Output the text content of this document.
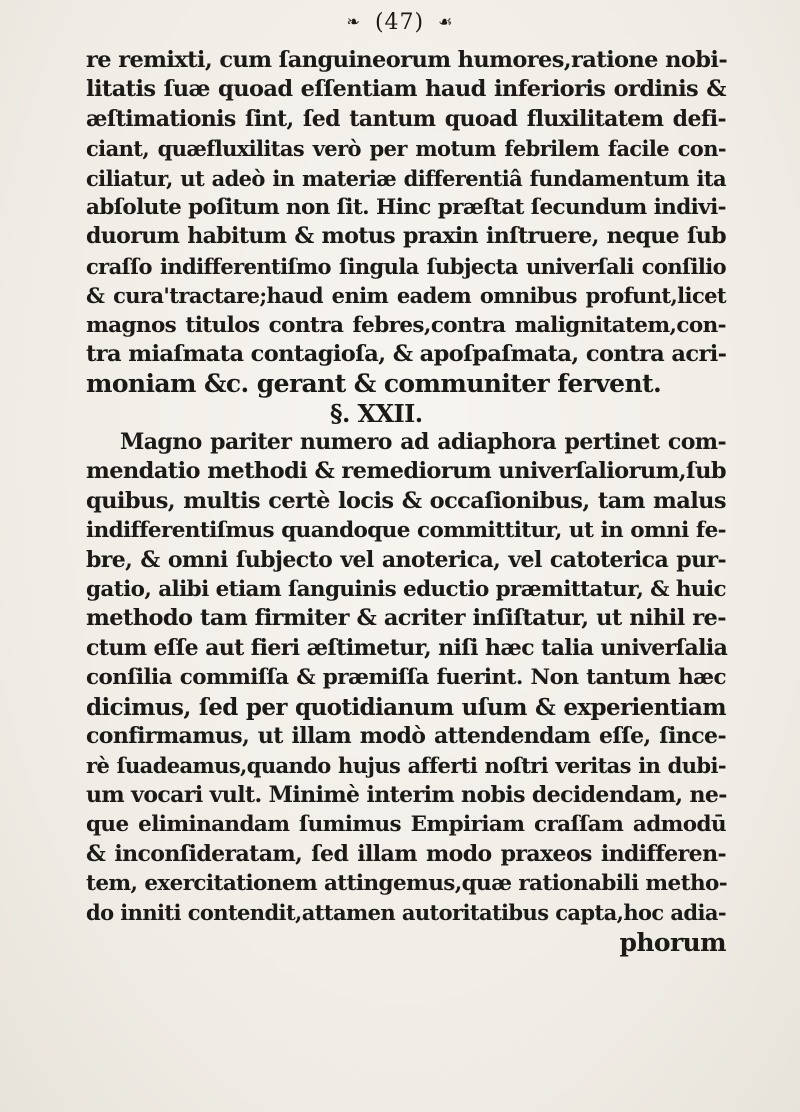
❧ (47) ☙
re remixti, cum ſanguineorum humores,ratione nobi-
litatis ſuæ quoad eſſentiam haud inferioris ordinis &
æſtimationis ſint, ſed tantum quoad fluxilitatem defi-
ciant, quæfluxilitas verò per motum febrilem facile con-
ciliatur, ut adeò in materiæ differentiâ fundamentum ita
abſolute poſitum non ſit. Hinc præſtat ſecundum indivi-
duorum habitum & motus praxin inſtruere, neque ſub
craſſo indifferentiſmo ſingula ſubjecta univerſali conſilio
& cura'tractare;haud enim eadem omnibus profunt,licet
magnos titulos contra febres,contra malignitatem,con-
tra miaſmata contagioſa, & apoſpaſmata, contra acri-
moniam &c. gerant & communiter fervent.
§. XXII.
Magno pariter numero ad adiaphora pertinet com-
mendatio methodi & remediorum univerſaliorum,ſub
quibus, multis certè locis & occaſionibus, tam malus
indifferentiſmus quandoque committitur, ut in omni fe-
bre, & omni ſubjecto vel anoterica, vel catoterica pur-
gatio, alibi etiam ſanguinis eductio præmittatur, & huic
methodo tam firmiter & acriter inſiſtatur, ut nihil re-
ctum eſſe aut fieri æſtimetur, niſi hæc talia univerſalia
conſilia commiſſa & præmiſſa fuerint. Non tantum hæc
dicimus, ſed per quotidianum uſum & experientiam
confirmamus, ut illam modò attendendam eſſe, ſince-
rè ſuadeamus,quando hujus afferti noſtri veritas in dubi-
um vocari vult. Minimè interim nobis decidendam, ne-
que eliminandam ſumimus Empiriam craſſam admodū
& inconſideratam, ſed illam modo praxeos indifferen-
tem, exercitationem attingemus,quæ rationabili metho-
do inniti contendit,attamen autoritatibus capta,hoc adia-
phorum
